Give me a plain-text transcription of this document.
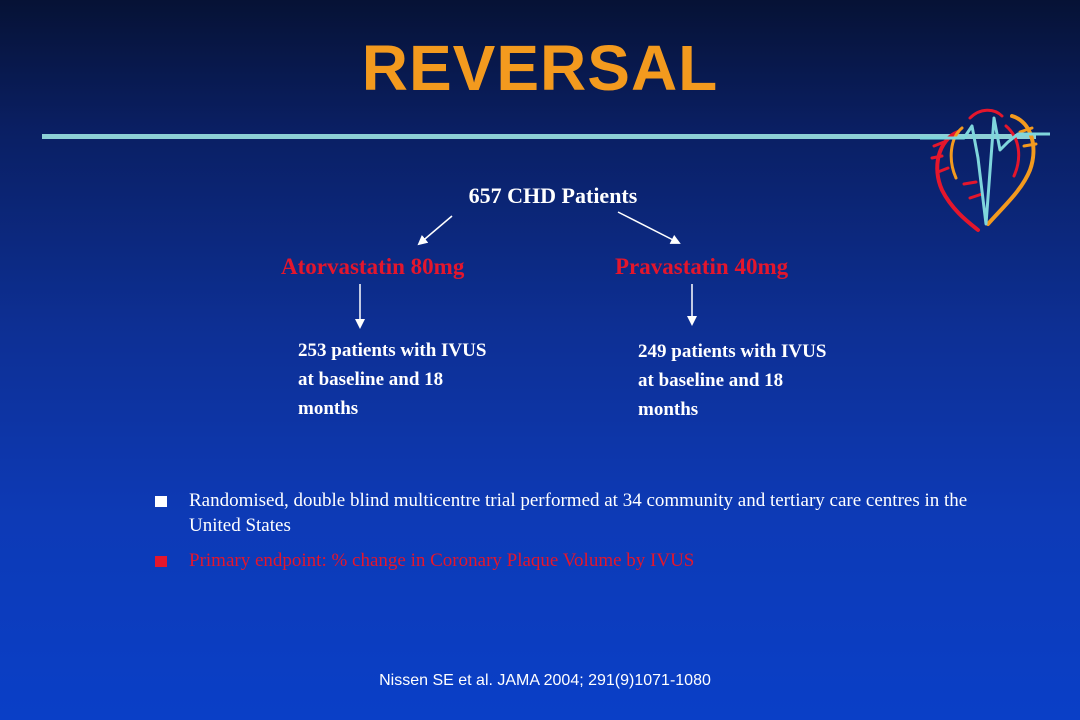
REVERSAL
657 CHD Patients
Atorvastatin 80mg	Pravastatin 40mg
253 patients with IVUS at baseline and 18 months
249 patients with IVUS at baseline and 18 months
Randomised, double blind multicentre trial performed at 34 community and tertiary care centres in the United States
Primary endpoint: % change in Coronary Plaque Volume by IVUS
Nissen SE et al. JAMA 2004; 291(9)1071-1080
